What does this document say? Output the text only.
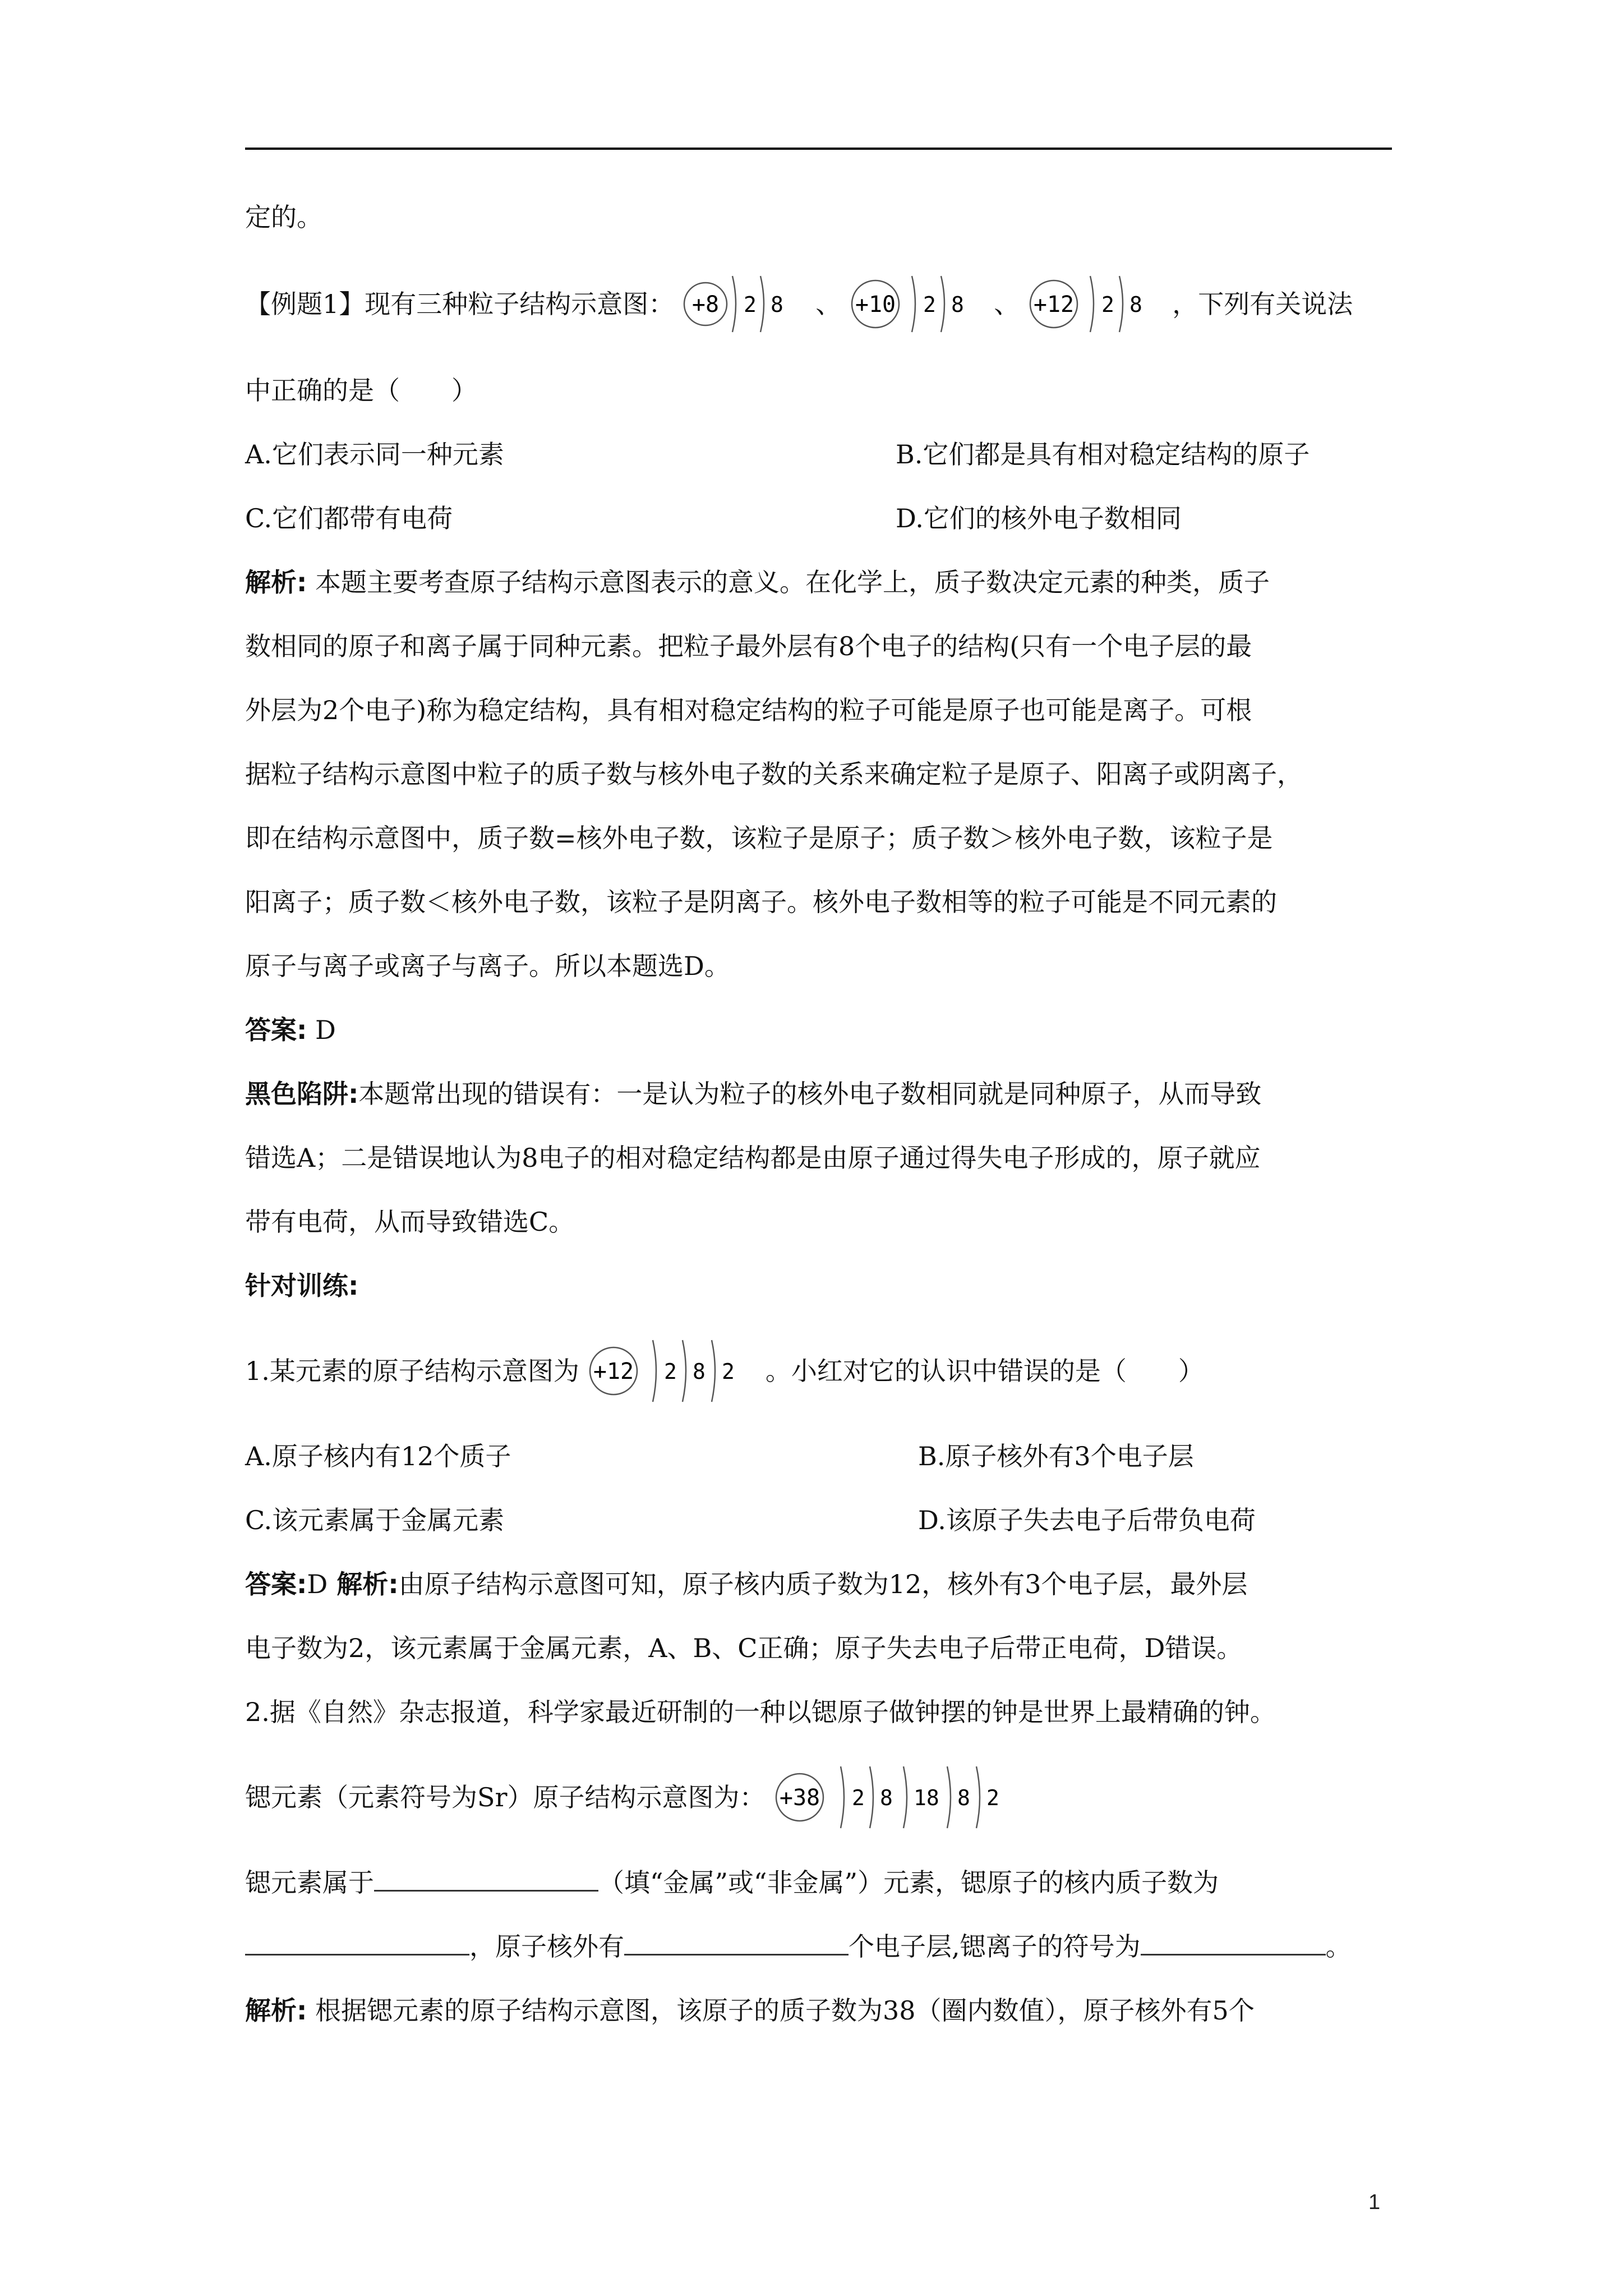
定的。
【例题1】现有三种粒子结构示意图： +8 2 8 、 +10 2 8 、 +12 2 8 ，下列有关说法
中正确的是（　　）
A.它们表示同一种元素	B.它们都是具有相对稳定结构的原子
C.它们都带有电荷	D.它们的核外电子数相同
解析: 本题主要考查原子结构示意图表示的意义。在化学上，质子数决定元素的种类，质子
数相同的原子和离子属于同种元素。把粒子最外层有8个电子的结构(只有一个电子层的最
外层为2个电子)称为稳定结构，具有相对稳定结构的粒子可能是原子也可能是离子。可根
据粒子结构示意图中粒子的质子数与核外电子数的关系来确定粒子是原子、阳离子或阴离子，
即在结构示意图中，质子数=核外电子数，该粒子是原子；质子数＞核外电子数，该粒子是
阳离子；质子数＜核外电子数，该粒子是阴离子。核外电子数相等的粒子可能是不同元素的
原子与离子或离子与离子。所以本题选D。
答案: D
黑色陷阱:本题常出现的错误有：一是认为粒子的核外电子数相同就是同种原子，从而导致
错选A；二是错误地认为8电子的相对稳定结构都是由原子通过得失电子形成的，原子就应
带有电荷，从而导致错选C。
针对训练:
1.某元素的原子结构示意图为 +12 2 8 2 。小红对它的认识中错误的是（　　）
A.原子核内有12个质子	B.原子核外有3个电子层
C.该元素属于金属元素	D.该原子失去电子后带负电荷
答案:D 解析:由原子结构示意图可知，原子核内质子数为12，核外有3个电子层，最外层
电子数为2，该元素属于金属元素，A、B、C正确；原子失去电子后带正电荷，D错误。
2.据《自然》杂志报道，科学家最近研制的一种以锶原子做钟摆的钟是世界上最精确的钟。
锶元素（元素符号为Sr）原子结构示意图为： +38 2 8 18 8 2
锶元素属于	（填“金属”或“非金属”）元素，锶原子的核内质子数为
，原子核外有	个电子层,锶离子的符号为	。
解析: 根据锶元素的原子结构示意图，该原子的质子数为38（圈内数值），原子核外有5个
1
